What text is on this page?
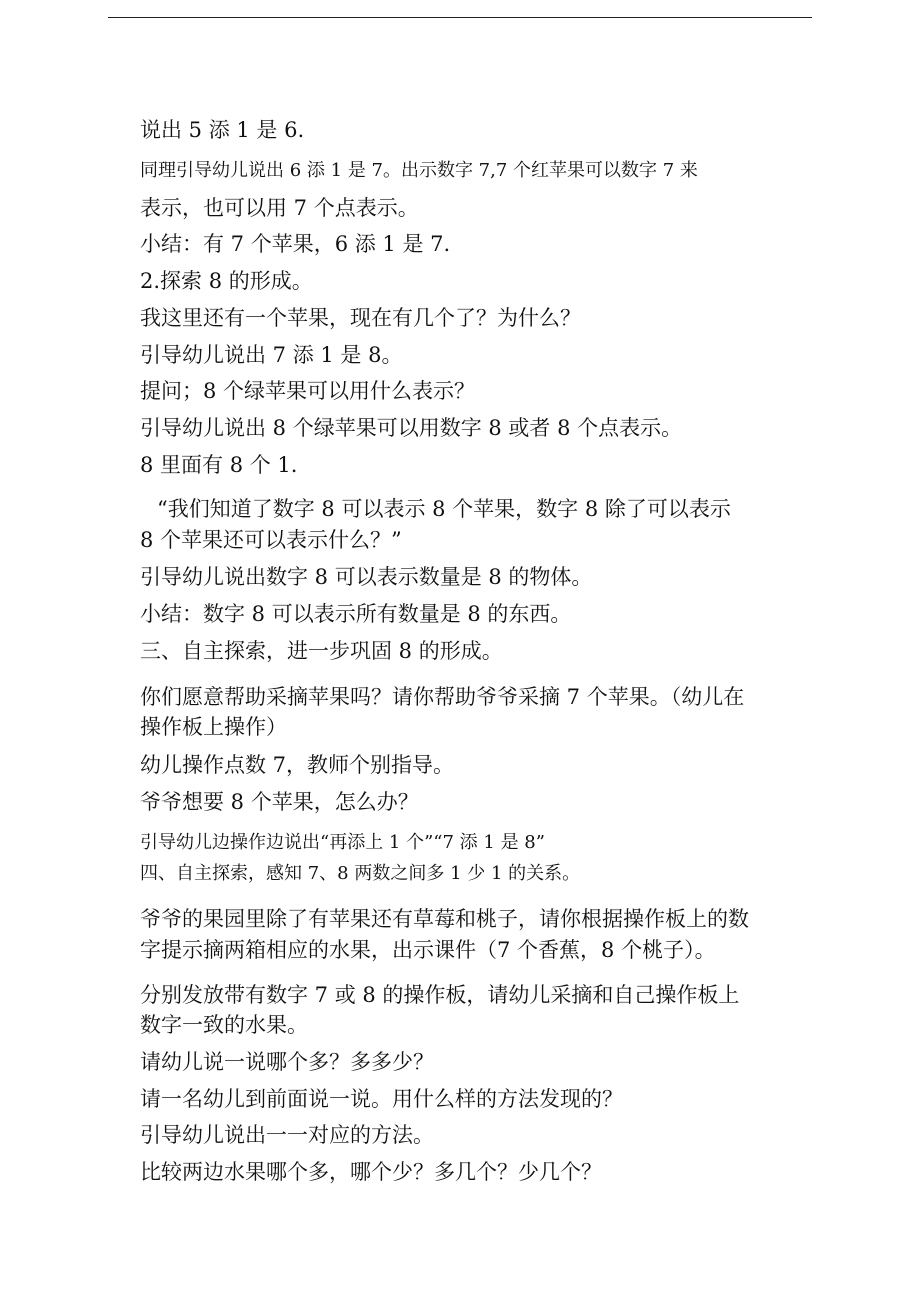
说出 5 添 1 是 6.
同理引导幼儿说出 6 添 1 是 7。出示数字 7,7 个红苹果可以数字 7 来
表示，也可以用 7 个点表示。
小结：有 7 个苹果，6 添 1 是 7.
2.探索 8 的形成。
我这里还有一个苹果，现在有几个了？为什么？
引导幼儿说出 7 添 1 是 8。
提问；8 个绿苹果可以用什么表示？
引导幼儿说出 8 个绿苹果可以用数字 8 或者 8 个点表示。
8 里面有 8 个 1.
“我们知道了数字 8 可以表示 8 个苹果，数字 8 除了可以表示
8 个苹果还可以表示什么？”
引导幼儿说出数字 8 可以表示数量是 8 的物体。
小结：数字 8 可以表示所有数量是 8 的东西。
三、自主探索，进一步巩固 8 的形成。
你们愿意帮助采摘苹果吗？请你帮助爷爷采摘 7 个苹果。（幼儿在
操作板上操作）
幼儿操作点数 7，教师个别指导。
爷爷想要 8 个苹果，怎么办？
引导幼儿边操作边说出“再添上 1 个”“7 添 1 是 8”
四、自主探索，感知 7、8 两数之间多 1 少 1 的关系。
爷爷的果园里除了有苹果还有草莓和桃子，请你根据操作板上的数
字提示摘两箱相应的水果，出示课件（7 个香蕉，8 个桃子）。
分别发放带有数字 7 或 8 的操作板，请幼儿采摘和自己操作板上
数字一致的水果。
请幼儿说一说哪个多？多多少？
请一名幼儿到前面说一说。用什么样的方法发现的？
引导幼儿说出一一对应的方法。
比较两边水果哪个多，哪个少？多几个？少几个？
